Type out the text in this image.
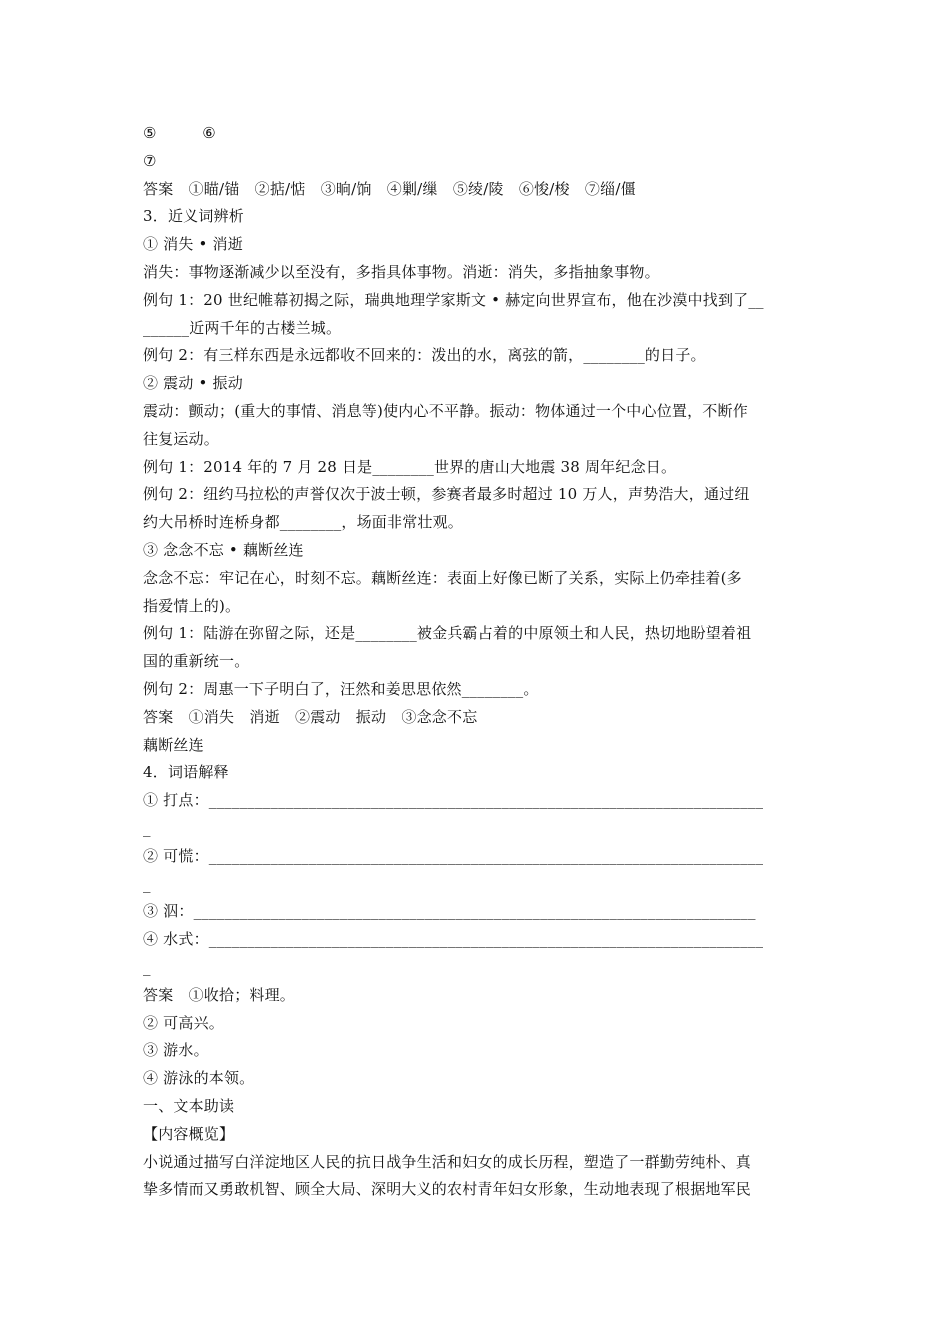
⑤　　　⑥
⑦
答案　①瞄/锚　②掂/惦　③晌/饷　④剿/缫　⑤绫/陵　⑥悛/梭　⑦缁/僵
3．近义词辨析
① 消失 • 消逝
消失：事物逐渐减少以至没有，多指具体事物。消逝：消失，多指抽象事物。
例句 1：20 世纪帷幕初揭之际，瑞典地理学家斯文 • 赫定向世界宣布，他在沙漠中找到了__
______近两千年的古楼兰城。
例句 2：有三样东西是永远都收不回来的：泼出的水，离弦的箭，________的日子。
② 震动 • 振动
震动：颤动；(重大的事情、消息等)使内心不平静。振动：物体通过一个中心位置，不断作
往复运动。
例句 1：2014 年的 7 月 28 日是________世界的唐山大地震 38 周年纪念日。
例句 2：纽约马拉松的声誉仅次于波士顿，参赛者最多时超过 10 万人，声势浩大，通过纽
约大吊桥时连桥身都________，场面非常壮观。
③ 念念不忘 • 藕断丝连
念念不忘：牢记在心，时刻不忘。藕断丝连：表面上好像已断了关系，实际上仍牵挂着(多
指爱情上的)。
例句 1：陆游在弥留之际，还是________被金兵霸占着的中原领土和人民，热切地盼望着祖
国的重新统一。
例句 2：周惠一下子明白了，汪然和姜思思依然________。
答案　①消失　消逝　②震动　振动　③念念不忘
藕断丝连
4．词语解释
① 打点：________________________________________________________________________
_
② 可慌：________________________________________________________________________
_
③ 泅：_________________________________________________________________________
④ 水式：________________________________________________________________________
_
答案　①收拾；料理。
② 可高兴。
③ 游水。
④ 游泳的本领。
一、文本助读
【内容概览】
小说通过描写白洋淀地区人民的抗日战争生活和妇女的成长历程，塑造了一群勤劳纯朴、真
挚多情而又勇敢机智、顾全大局、深明大义的农村青年妇女形象，生动地表现了根据地军民
